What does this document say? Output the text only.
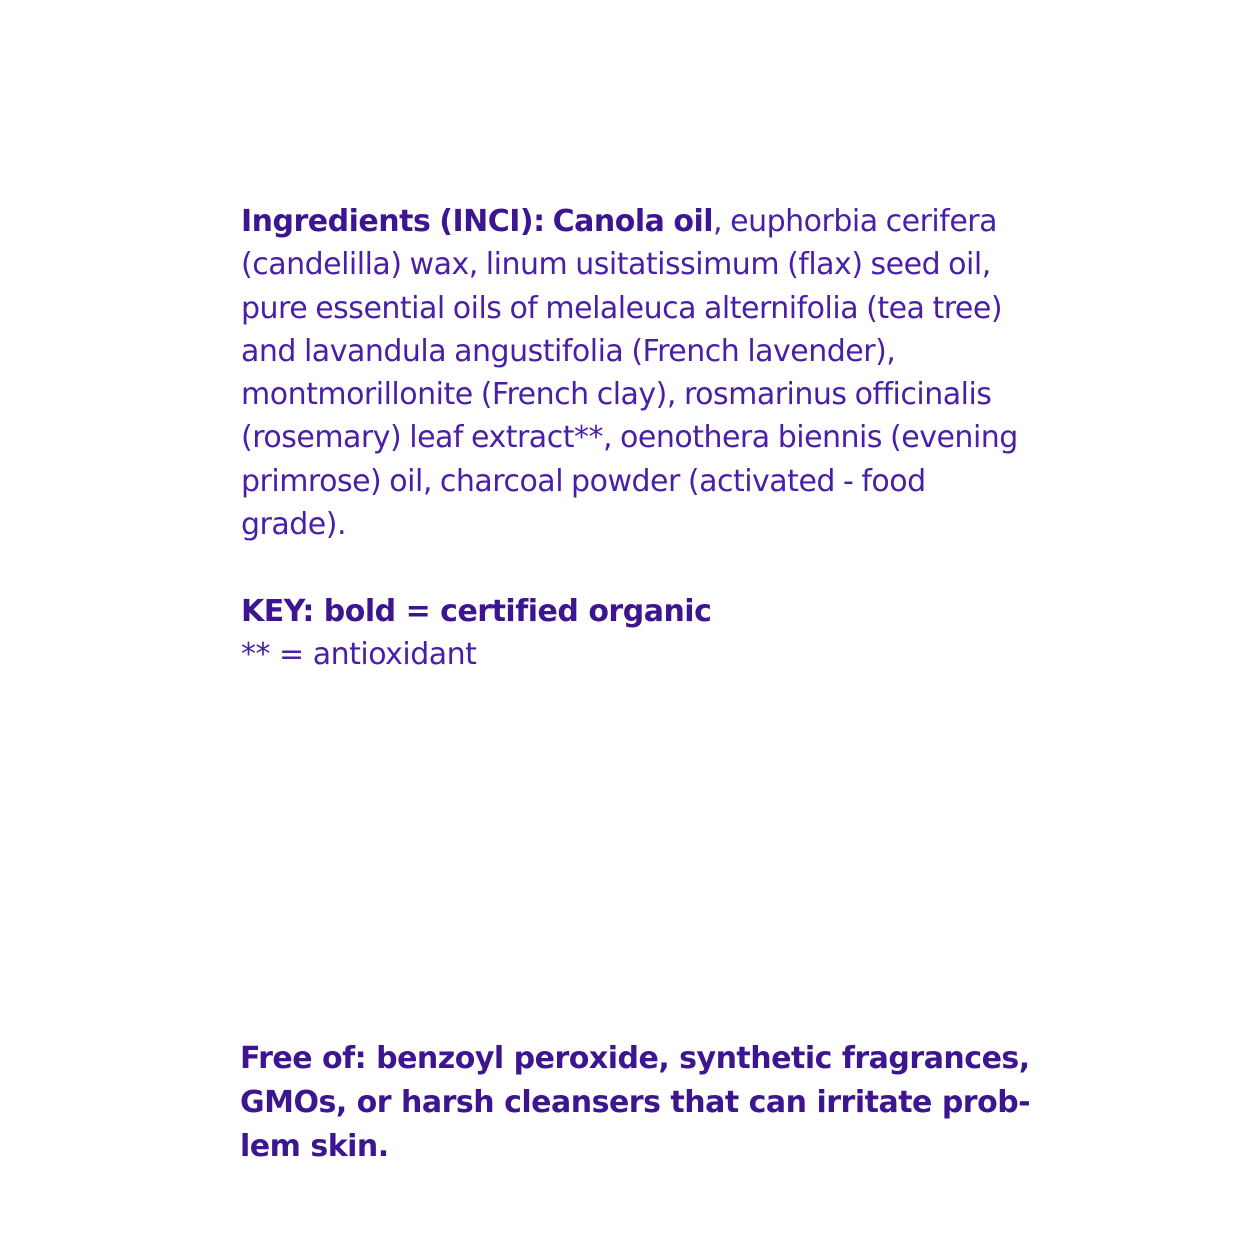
Ingredients (INCI): Canola oil, euphorbia cerifera
(candelilla) wax, linum usitatissimum (flax) seed oil,
pure essential oils of melaleuca alternifolia (tea tree)
and lavandula angustifolia (French lavender),
montmorillonite (French clay), rosmarinus officinalis
(rosemary) leaf extract**, oenothera biennis (evening
primrose) oil, charcoal powder (activated - food
grade).
KEY: bold = certified organic
** = antioxidant
Free of: benzoyl peroxide, synthetic fragrances,
GMOs, or harsh cleansers that can irritate prob-
lem skin.
